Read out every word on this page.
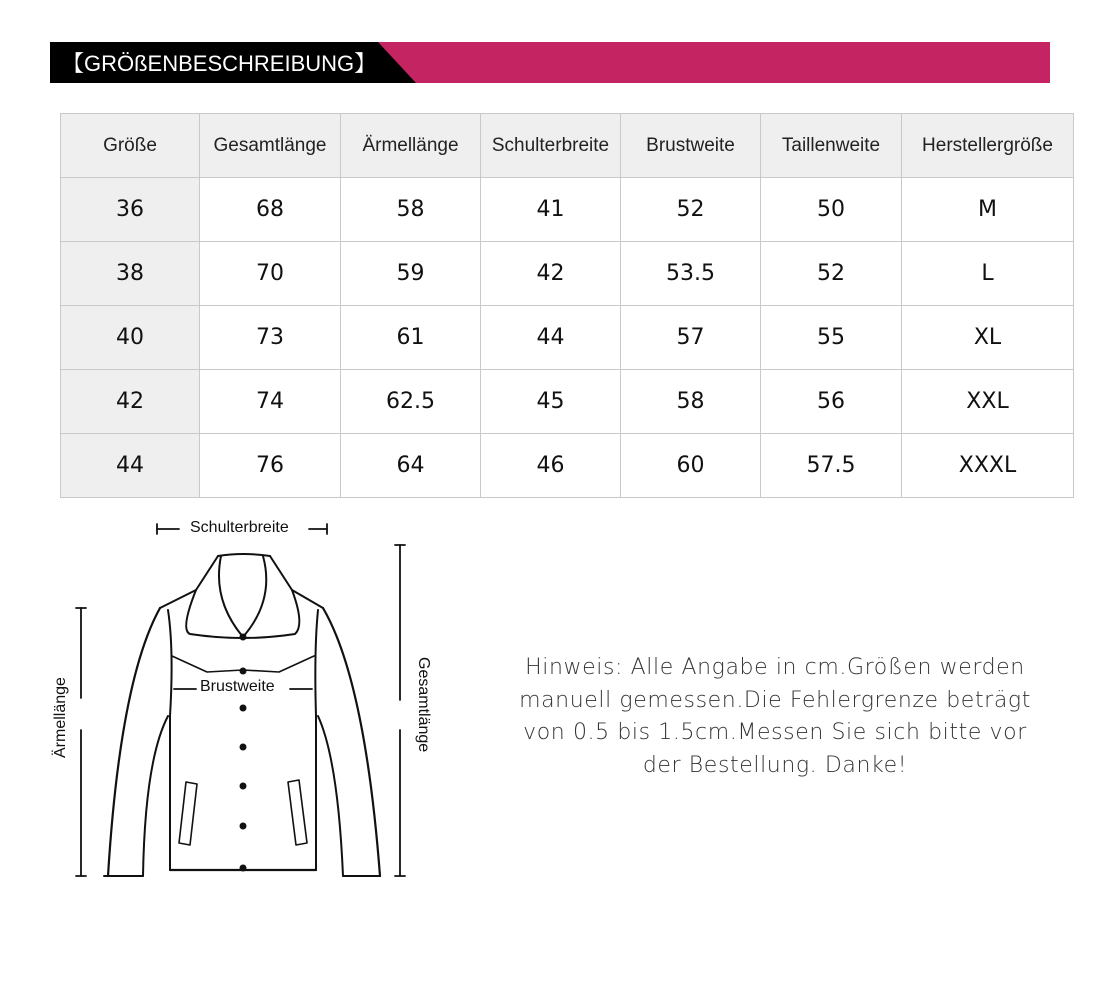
【GRÖßENBESCHREIBUNG】
Größe	Gesamtlänge	Ärmellänge	Schulterbreite	Brustweite	Taillenweite	Herstellergröße
36	68	58	41	52	50	M
38	70	59	42	53.5	52	L
40	73	61	44	57	55	XL
42	74	62.5	45	58	56	XXL
44	76	64	46	60	57.5	XXXL
Schulterbreite
Brustweite
Ärmellänge	Gesamtlänge	Hinweis: Alle Angabe in cm.Größen werden
manuell gemessen.Die Fehlergrenze beträgt
von 0.5 bis 1.5cm.Messen Sie sich bitte vor
der Bestellung. Danke!
